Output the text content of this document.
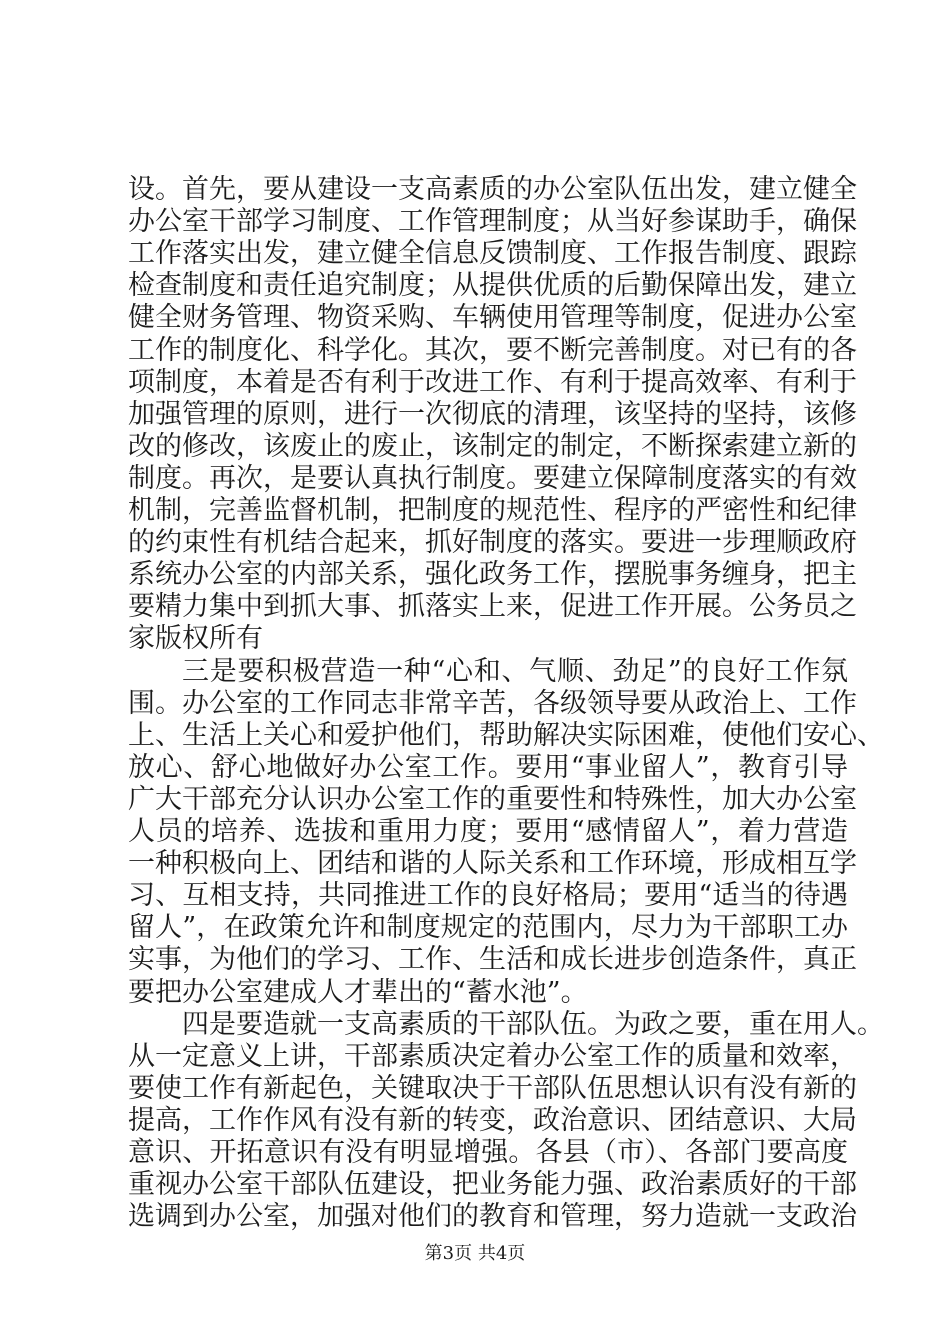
设。首先，要从建设一支高素质的办公室队伍出发，建立健全
办公室干部学习制度、工作管理制度；从当好参谋助手，确保
工作落实出发，建立健全信息反馈制度、工作报告制度、跟踪
检查制度和责任追究制度；从提供优质的后勤保障出发，建立
健全财务管理、物资采购、车辆使用管理等制度，促进办公室
工作的制度化、科学化。其次，要不断完善制度。对已有的各
项制度，本着是否有利于改进工作、有利于提高效率、有利于
加强管理的原则，进行一次彻底的清理，该坚持的坚持，该修
改的修改，该废止的废止，该制定的制定，不断探索建立新的
制度。再次，是要认真执行制度。要建立保障制度落实的有效
机制，完善监督机制，把制度的规范性、程序的严密性和纪律
的约束性有机结合起来，抓好制度的落实。要进一步理顺政府
系统办公室的内部关系，强化政务工作，摆脱事务缠身，把主
要精力集中到抓大事、抓落实上来，促进工作开展。公务员之
家版权所有
三是要积极营造一种“心和、气顺、劲足”的良好工作氛
围。办公室的工作同志非常辛苦，各级领导要从政治上、工作
上、生活上关心和爱护他们，帮助解决实际困难，使他们安心、
放心、舒心地做好办公室工作。要用“事业留人”，教育引导
广大干部充分认识办公室工作的重要性和特殊性，加大办公室
人员的培养、选拔和重用力度；要用“感情留人”，着力营造
一种积极向上、团结和谐的人际关系和工作环境，形成相互学
习、互相支持，共同推进工作的良好格局；要用“适当的待遇
留人”，在政策允许和制度规定的范围内，尽力为干部职工办
实事，为他们的学习、工作、生活和成长进步创造条件，真正
要把办公室建成人才辈出的“蓄水池”。
四是要造就一支高素质的干部队伍。为政之要，重在用人。
从一定意义上讲，干部素质决定着办公室工作的质量和效率，
要使工作有新起色，关键取决于干部队伍思想认识有没有新的
提高，工作作风有没有新的转变，政治意识、团结意识、大局
意识、开拓意识有没有明显增强。各县（市）、各部门要高度
重视办公室干部队伍建设，把业务能力强、政治素质好的干部
选调到办公室，加强对他们的教育和管理，努力造就一支政治
第3页 共4页
